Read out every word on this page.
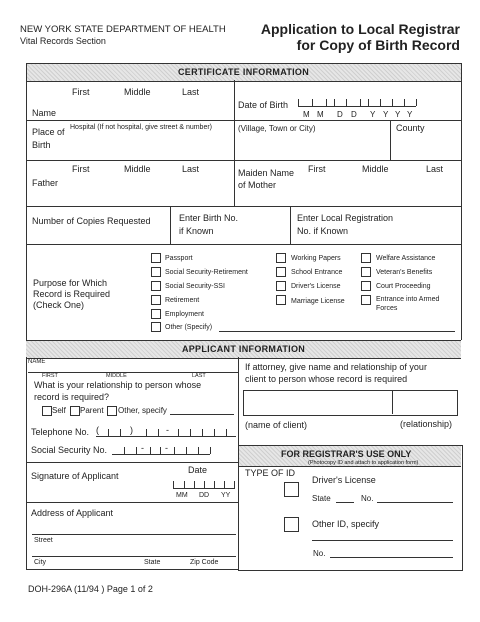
NEW YORK STATE DEPARTMENT OF HEALTH
Vital Records Section
Application to Local Registrar
for Copy of Birth Record
CERTIFICATE INFORMATION
First	Middle	Last
Name
Date of Birth
M M D D Y Y Y Y
Place of
Birth
Hospital (If not hospital, give street & number)	(Village, Town or City)	County
First	Middle	Last
Father
Maiden Name
of Mother
First	Middle	Last
Number of Copies Requested	Enter Birth No.
if Known
Enter Local Registration
No. if Known
Purpose for Which
Record is Required
(Check One)
Passport
Social Security-Retirement
Social Security-SSI
Retirement
Employment
Other (Specify)
Working Papers
School Entrance
Driver's License
Marriage License
Welfare Assistance
Veteran's Benefits
Court Proceeding
Entrance into Armed
Forces
APPLICANT INFORMATION
NAME
FIRST	MIDDLE	LAST
What is your relationship to person whose
record is required?
Self Parent Other, specify
Telephone No. (	)	-
Social Security No.	- -
Signature of Applicant
Date
MM DD YY
Address of Applicant
Street
City	State	Zip Code
If attorney, give name and relationship of your
client to person whose record is required
(name of client)	(relationship)
FOR REGISTRAR'S USE ONLY
(Photocopy ID and attach to application form)
TYPE OF ID
Driver's License
State	No.
Other ID, specify
No.
DOH-296A (11/94 ) Page 1 of 2
